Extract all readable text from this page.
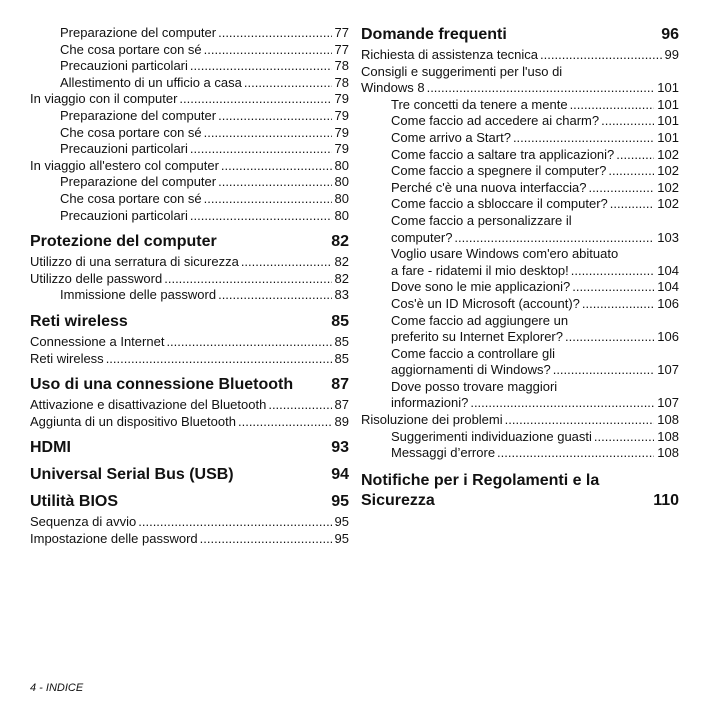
Preparazione del computer .....	77
Che cosa portare con sé .....	77
Precauzioni particolari .....	78
Allestimento di un ufficio a casa .....	78
In viaggio con il computer .....	79
Preparazione del computer .....	79
Che cosa portare con sé .....	79
Precauzioni particolari .....	79
In viaggio all'estero col computer .....	80
Preparazione del computer .....	80
Che cosa portare con sé .....	80
Precauzioni particolari .....	80
Protezione del computer	82
Utilizzo di una serratura di sicurezza .....	82
Utilizzo delle password .....	82
Immissione delle password .....	83
Reti wireless	85
Connessione a Internet .....	85
Reti wireless .....	85
Uso di una connessione Bluetooth 87
Attivazione e disattivazione del Bluetooth .....	87
Aggiunta di un dispositivo Bluetooth .....	89
HDMI	93
Universal Serial Bus (USB)	94
Utilità BIOS	95
Sequenza di avvio .....	95
Impostazione delle password .....	95
Domande frequenti	96
Richiesta di assistenza tecnica .....	99
Consigli e suggerimenti per l'uso di
Windows 8 .....	101
Tre concetti da tenere a mente .....	101
Come faccio ad accedere ai charm? .....	101
Come arrivo a Start? .....	101
Come faccio a saltare tra applicazioni? .....	102
Come faccio a spegnere il computer? .....	102
Perché c'è una nuova interfaccia? .....	102
Come faccio a sbloccare il computer? .....	102
Come faccio a personalizzare il
computer? .....	103
Voglio usare Windows com'ero abituato
a fare - ridatemi il mio desktop! .....	104
Dove sono le mie applicazioni? .....	104
Cos'è un ID Microsoft (account)? .....	106
Come faccio ad aggiungere un
preferito su Internet Explorer? .....	106
Come faccio a controllare gli
aggiornamenti di Windows? .....	107
Dove posso trovare maggiori
informazioni? .....	107
Risoluzione dei problemi .....	108
Suggerimenti individuazione guasti .....	108
Messaggi d’errore .....	108
Notifiche per i Regolamenti e la
Sicurezza	110
4 - INDICE
